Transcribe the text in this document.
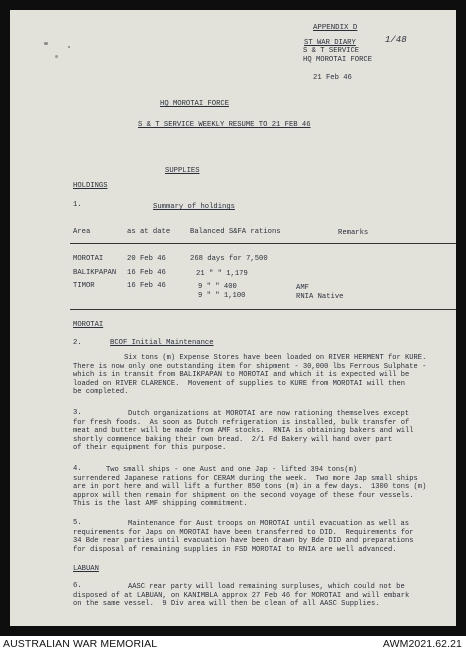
APPENDIX D
ST WAR DIARY	1/48
S & T SERVICE
HQ MOROTAI FORCE
21 Feb 46
HQ MOROTAI FORCE
S & T SERVICE WEEKLY RESUME TO 21 FEB 46
SUPPLIES
HOLDINGS
1.	Summary of holdings
Area	as at date	Balanced S&FA rations	Remarks
MOROTAI	20 Feb 46	268 days for 7,500
BALIKPAPAN 16 Feb 46	21 " " 1,179
TIMOR	16 Feb 46	9 " " 400	AMF
9 " " 1,100	RNIA Native
MOROTAI
2.	BCOF Initial Maintenance
Six tons (m) Expense Stores have been loaded on RIVER HERMENT for KURE.
There is now only one outstanding item for shipment - 30,000 lbs Ferrous Sulphate -
which is in transit from BALIKPAPAN to MOROTAI and which it is expected will be
loaded on RIVER CLARENCE.  Movement of supplies to KURE from MOROTAI will then
be completed.
3.	Dutch organizations at MOROTAI are now rationing themselves except
for fresh foods.  As soon as Dutch refrigeration is installed, bulk transfer of
meat and butter will be made from AMF stocks.  RNIA is obtaining bakers and will
shortly commence baking their own bread.  2/1 Fd Bakery will hand over part
of their equipment for this purpose.
4.	Two small ships - one Aust and one Jap - lifted 394 tons(m)
surrendered Japanese rations for CERAM during the week.  Two more Jap small ships
are in port here and will lift a further 850 tons (m) in a few days.  1300 tons (m)
approx will then remain for shipment on the second voyage of these four vessels.
This is the last AMF shipping commitment.
5.	Maintenance for Aust troops on MOROTAI until evacuation as well as
requirements for Japs on MOROTAI have been transferred to DID.  Requirements for
34 Bde rear parties until evacuation have been drawn by Bde DID and preparations
for disposal of remaining supplies in FSD MOROTAI to RNIA are well advanced.
LABUAN
6.	AASC rear party will load remaining surpluses, which could not be
disposed of at LABUAN, on KANIMBLA approx 27 Feb 46 for MOROTAI and will embark
on the same vessel.  9 Div area will then be clean of all AASC Supplies.
AUSTRALIAN WAR MEMORIAL	AWM2021.62.21
